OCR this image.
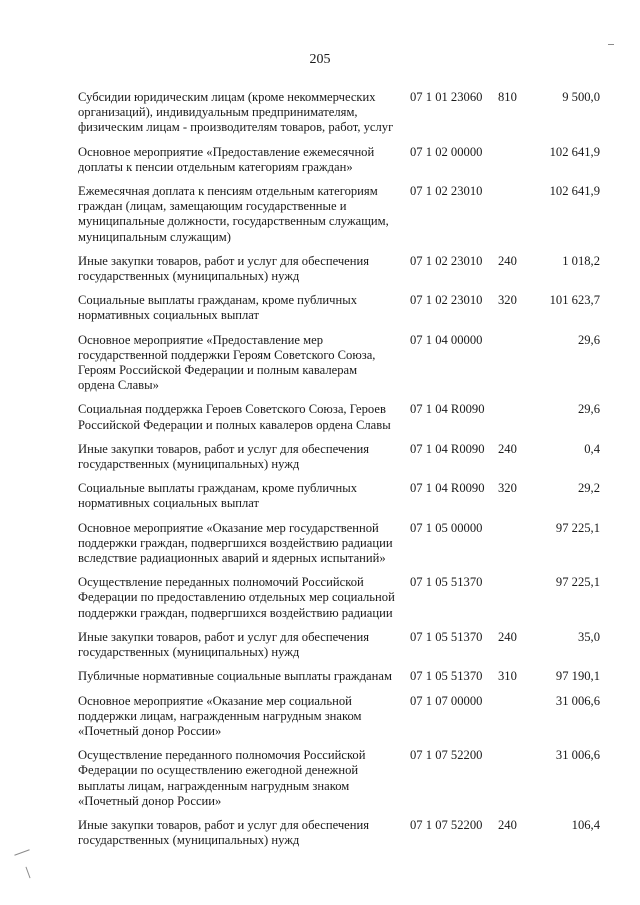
205
Субсидии юридическим лицам (кроме некоммерческих организаций), индивидуальным предпринимателям, физическим лицам - производителям товаров, работ, услуг
07 1 01 23060 810	9 500,0
Основное мероприятие «Предоставление ежемесячной доплаты к пенсии отдельным категориям граждан»
07 1 02 00000	102 641,9
Ежемесячная доплата к пенсиям отдельным категориям граждан (лицам, замещающим государственные и муниципальные должности, государственным служащим, муниципальным служащим)
07 1 02 23010	102 641,9
Иные закупки товаров, работ и услуг для обеспечения государственных (муниципальных) нужд
07 1 02 23010 240	1 018,2
Социальные выплаты гражданам, кроме публичных нормативных социальных выплат
07 1 02 23010 320	101 623,7
Основное мероприятие «Предоставление мер государственной поддержки Героям Советского Союза, Героям Российской Федерации и полным кавалерам ордена Славы»
07 1 04 00000	29,6
Социальная поддержка Героев Советского Союза, Героев Российской Федерации и полных кавалеров ордена Славы
07 1 04 R0090	29,6
Иные закупки товаров, работ и услуг для обеспечения государственных (муниципальных) нужд
07 1 04 R0090 240	0,4
Социальные выплаты гражданам, кроме публичных нормативных социальных выплат
07 1 04 R0090 320	29,2
Основное мероприятие «Оказание мер государственной поддержки граждан, подвергшихся воздействию радиации вследствие радиационных аварий и ядерных испытаний»
07 1 05 00000	97 225,1
Осуществление переданных полномочий Российской Федерации по предоставлению отдельных мер социальной поддержки граждан, подвергшихся воздействию радиации
07 1 05 51370	97 225,1
Иные закупки товаров, работ и услуг для обеспечения государственных (муниципальных) нужд
07 1 05 51370 240	35,0
Публичные нормативные социальные выплаты гражданам	07 1 05 51370 310	97 190,1
Основное мероприятие «Оказание мер социальной поддержки лицам, награжденным нагрудным знаком «Почетный донор России»
07 1 07 00000	31 006,6
Осуществление переданного полномочия Российской Федерации по осуществлению ежегодной денежной выплаты лицам, награжденным нагрудным знаком «Почетный донор России»
07 1 07 52200	31 006,6
Иные закупки товаров, работ и услуг для обеспечения государственных (муниципальных) нужд
07 1 07 52200 240	106,4
